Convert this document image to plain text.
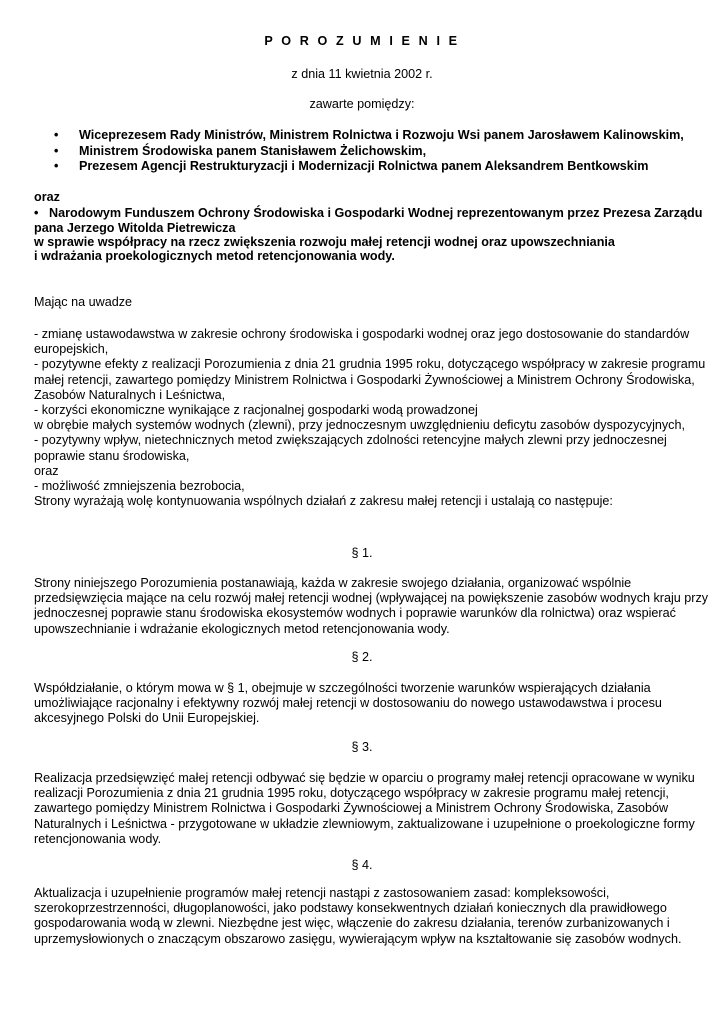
P O R O Z U M I E N I E

z dnia 11 kwietnia 2002 r.

zawarte pomiędzy:

• Wiceprezesem Rady Ministrów, Ministrem Rolnictwa i Rozwoju Wsi panem Jarosławem Kalinowskim,
• Ministrem Środowiska panem Stanisławem Żelichowskim,
• Prezesem Agencji Restrukturyzacji i Modernizacji Rolnictwa panem Aleksandrem Bentkowskim
oraz
• Narodowym Funduszem Ochrony Środowiska i Gospodarki Wodnej reprezentowanym przez Prezesa Zarządu
pana Jerzego Witolda Pietrewicza
w sprawie współpracy na rzecz zwiększenia rozwoju małej retencji wodnej oraz upowszechniania
i wdrażania proekologicznych metod retencjonowania wody.
Mając na uwadze
- zmianę ustawodawstwa w zakresie ochrony środowiska i gospodarki wodnej oraz jego dostosowanie do standardów
europejskich,
- pozytywne efekty z realizacji Porozumienia z dnia 21 grudnia 1995 roku, dotyczącego współpracy w zakresie programu
małej retencji, zawartego pomiędzy Ministrem Rolnictwa i Gospodarki Żywnościowej a Ministrem Ochrony Środowiska,
Zasobów Naturalnych i Leśnictwa,
- korzyści ekonomiczne wynikające z racjonalnej gospodarki wodą prowadzonej
w obrębie małych systemów wodnych (zlewni), przy jednoczesnym uwzględnieniu deficytu zasobów dyspozycyjnych,
- pozytywny wpływ, nietechnicznych metod zwiększających zdolności retencyjne małych zlewni przy jednoczesnej
poprawie stanu środowiska,
oraz
- możliwość zmniejszenia bezrobocia,
Strony wyrażają wolę kontynuowania wspólnych działań z zakresu małej retencji i ustalają co następuje:

§ 1.

Strony niniejszego Porozumienia postanawiają, każda w zakresie swojego działania, organizować wspólnie
przedsięwzięcia mające na celu rozwój małej retencji wodnej (wpływającej na powiększenie zasobów wodnych kraju przy
jednoczesnej poprawie stanu środowiska ekosystemów wodnych i poprawie warunków dla rolnictwa) oraz wspierać
upowszechnianie i wdrażanie ekologicznych metod retencjonowania wody.

§ 2.

Współdziałanie, o którym mowa w § 1, obejmuje w szczególności tworzenie warunków wspierających działania
umożliwiające racjonalny i efektywny rozwój małej retencji w dostosowaniu do nowego ustawodawstwa i procesu
akcesyjnego Polski do Unii Europejskiej.

§ 3.

Realizacja przedsięwzięć małej retencji odbywać się będzie w oparciu o programy małej retencji opracowane w wyniku
realizacji Porozumienia z dnia 21 grudnia 1995 roku, dotyczącego współpracy w zakresie programu małej retencji,
zawartego pomiędzy Ministrem Rolnictwa i Gospodarki Żywnościowej a Ministrem Ochrony Środowiska, Zasobów
Naturalnych i Leśnictwa - przygotowane w układzie zlewniowym, zaktualizowane i uzupełnione o proekologiczne formy
retencjonowania wody.

§ 4.

Aktualizacja i uzupełnienie programów małej retencji nastąpi z zastosowaniem zasad: kompleksowości,
szerokoprzestrzenności, długoplanowości, jako podstawy konsekwentnych działań koniecznych dla prawidłowego
gospodarowania wodą w zlewni. Niezbędne jest więc, włączenie do zakresu działania, terenów zurbanizowanych i
uprzemysłowionych o znaczącym obszarowo zasięgu, wywierającym wpływ na kształtowanie się zasobów wodnych.
